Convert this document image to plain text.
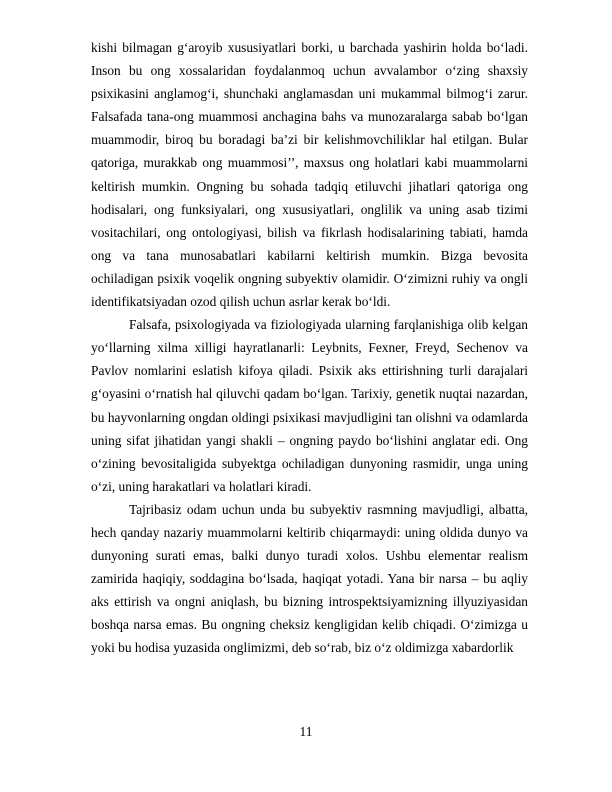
kishi bilmagan g‘aroyib xususiyatlari borki, u barchada yashirin holda bo‘ladi. Inson bu ong xossalaridan foydalanmoq uchun avvalambor o‘zing shaxsiy psixikasini anglamog‘i, shunchaki anglamasdan uni mukammal bilmog‘i zarur. Falsafada tana-ong muammosi anchagina bahs va munozaralarga sabab bo‘lgan muammodir, biroq bu boradagi ba’zi bir kelishmovchiliklar hal etilgan. Bular qatoriga, murakkab ong muammosi’’, maxsus ong holatlari kabi muammolarni keltirish mumkin. Ongning bu sohada tadqiq etiluvchi jihatlari qatoriga ong hodisalari, ong funksiyalari, ong xususiyatlari, onglilik va uning asab tizimi vositachilari, ong ontologiyasi, bilish va fikrlash hodisalarining tabiati, hamda ong va tana munosabatlari kabilarni keltirish mumkin. Bizga bevosita ochiladigan psixik voqelik ongning subyektiv olamidir. O‘zimizni ruhiy va ongli identifikatsiyadan ozod qilish uchun asrlar kerak bo‘ldi.

Falsafa, psixologiyada va fiziologiyada ularning farqlanishiga olib kelgan yo‘llarning xilma xilligi hayratlanarli: Leybnits, Fexner, Freyd, Sechenov va Pavlov nomlarini eslatish kifoya qiladi. Psixik aks ettirishning turli darajalari g‘oyasini o‘rnatish hal qiluvchi qadam bo‘lgan. Tarixiy, genetik nuqtai nazardan, bu hayvonlarning ongdan oldingi psixikasi mavjudligini tan olishni va odamlarda uning sifat jihatidan yangi shakli – ongning paydo bo‘lishini anglatar edi. Ong o‘zining bevositaligida subyektga ochiladigan dunyoning rasmidir, unga uning o‘zi, uning harakatlari va holatlari kiradi.

Tajribasiz odam uchun unda bu subyektiv rasmning mavjudligi, albatta, hech qanday nazariy muammolarni keltirib chiqarmaydi: uning oldida dunyo va dunyoning surati emas, balki dunyo turadi xolos. Ushbu elementar realism zamirida haqiqiy, soddagina bo‘lsada, haqiqat yotadi. Yana bir narsa – bu aqliy aks ettirish va ongni aniqlash, bu bizning introspektsiyamizning illyuziyasidan boshqa narsa emas. Bu ongning cheksiz kengligidan kelib chiqadi. O‘zimizga u yoki bu hodisa yuzasida onglimizmi, deb so‘rab, biz o‘z oldimizga xabardorlik

11
